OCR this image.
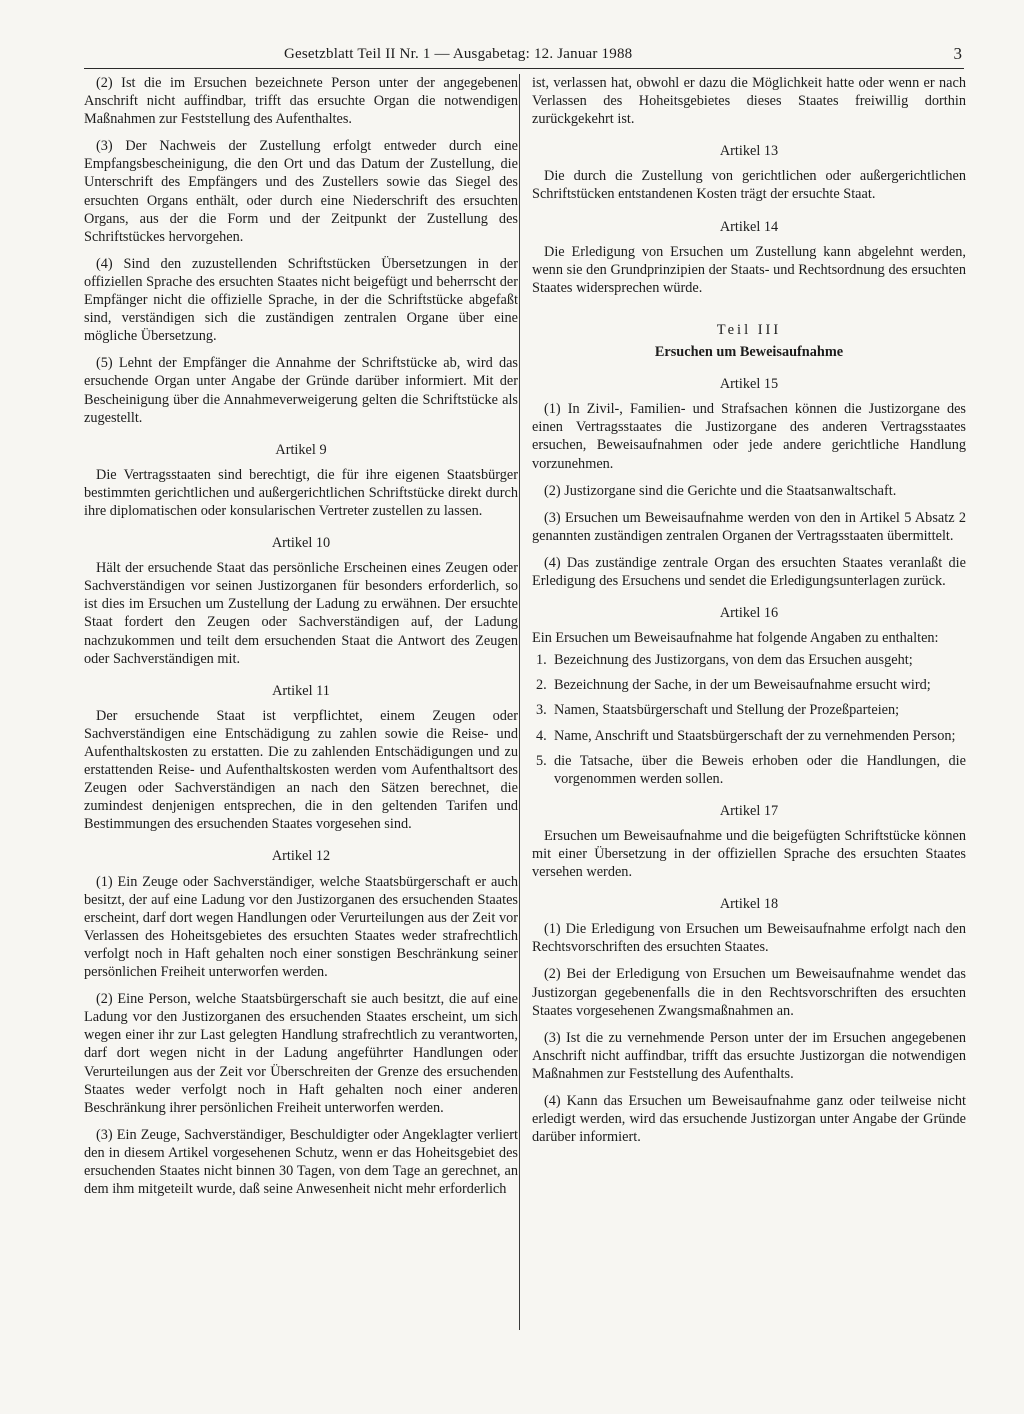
Gesetzblatt Teil II Nr. 1 — Ausgabetag: 12. Januar 1988	3

(2) Ist die im Ersuchen bezeichnete Person unter der angegebenen Anschrift nicht auffindbar, trifft das ersuchte Organ die notwendigen Maßnahmen zur Feststellung des Aufenthaltes.

(3) Der Nachweis der Zustellung erfolgt entweder durch eine Empfangsbescheinigung, die den Ort und das Datum der Zustellung, die Unterschrift des Empfängers und des Zustellers sowie das Siegel des ersuchten Organs enthält, oder durch eine Niederschrift des ersuchten Organs, aus der die Form und der Zeitpunkt der Zustellung des Schriftstückes hervorgehen.

(4) Sind den zuzustellenden Schriftstücken Übersetzungen in der offiziellen Sprache des ersuchten Staates nicht beigefügt und beherrscht der Empfänger nicht die offizielle Sprache, in der die Schriftstücke abgefaßt sind, verständigen sich die zuständigen zentralen Organe über eine mögliche Übersetzung.

(5) Lehnt der Empfänger die Annahme der Schriftstücke ab, wird das ersuchende Organ unter Angabe der Gründe darüber informiert. Mit der Bescheinigung über die Annahmeverweigerung gelten die Schriftstücke als zugestellt.

Artikel 9

Die Vertragsstaaten sind berechtigt, die für ihre eigenen Staatsbürger bestimmten gerichtlichen und außergerichtlichen Schriftstücke direkt durch ihre diplomatischen oder konsularischen Vertreter zustellen zu lassen.

Artikel 10

Hält der ersuchende Staat das persönliche Erscheinen eines Zeugen oder Sachverständigen vor seinen Justizorganen für besonders erforderlich, so ist dies im Ersuchen um Zustellung der Ladung zu erwähnen. Der ersuchte Staat fordert den Zeugen oder Sachverständigen auf, der Ladung nachzukommen und teilt dem ersuchenden Staat die Antwort des Zeugen oder Sachverständigen mit.

Artikel 11

Der ersuchende Staat ist verpflichtet, einem Zeugen oder Sachverständigen eine Entschädigung zu zahlen sowie die Reise- und Aufenthaltskosten zu erstatten. Die zu zahlenden Entschädigungen und zu erstattenden Reise- und Aufenthaltskosten werden vom Aufenthaltsort des Zeugen oder Sachverständigen an nach den Sätzen berechnet, die zumindest denjenigen entsprechen, die in den geltenden Tarifen und Bestimmungen des ersuchenden Staates vorgesehen sind.

Artikel 12

(1) Ein Zeuge oder Sachverständiger, welche Staatsbürgerschaft er auch besitzt, der auf eine Ladung vor den Justizorganen des ersuchenden Staates erscheint, darf dort wegen Handlungen oder Verurteilungen aus der Zeit vor Verlassen des Hoheitsgebietes des ersuchten Staates weder strafrechtlich verfolgt noch in Haft gehalten noch einer sonstigen Beschränkung seiner persönlichen Freiheit unterworfen werden.

(2) Eine Person, welche Staatsbürgerschaft sie auch besitzt, die auf eine Ladung vor den Justizorganen des ersuchenden Staates erscheint, um sich wegen einer ihr zur Last gelegten Handlung strafrechtlich zu verantworten, darf dort wegen nicht in der Ladung angeführter Handlungen oder Verurteilungen aus der Zeit vor Überschreiten der Grenze des ersuchenden Staates weder verfolgt noch in Haft gehalten noch einer anderen Beschränkung ihrer persönlichen Freiheit unterworfen werden.

(3) Ein Zeuge, Sachverständiger, Beschuldigter oder Angeklagter verliert den in diesem Artikel vorgesehenen Schutz, wenn er das Hoheitsgebiet des ersuchenden Staates nicht binnen 30 Tagen, von dem Tage an gerechnet, an dem ihm mitgeteilt wurde, daß seine Anwesenheit nicht mehr erforderlich

ist, verlassen hat, obwohl er dazu die Möglichkeit hatte oder wenn er nach Verlassen des Hoheitsgebietes dieses Staates freiwillig dorthin zurückgekehrt ist.

Artikel 13

Die durch die Zustellung von gerichtlichen oder außergerichtlichen Schriftstücken entstandenen Kosten trägt der ersuchte Staat.

Artikel 14

Die Erledigung von Ersuchen um Zustellung kann abgelehnt werden, wenn sie den Grundprinzipien der Staats- und Rechtsordnung des ersuchten Staates widersprechen würde.

Teil III
Ersuchen um Beweisaufnahme
Artikel 15

(1) In Zivil-, Familien- und Strafsachen können die Justizorgane des einen Vertragsstaates die Justizorgane des anderen Vertragsstaates ersuchen, Beweisaufnahmen oder jede andere gerichtliche Handlung vorzunehmen.

(2) Justizorgane sind die Gerichte und die Staatsanwaltschaft.

(3) Ersuchen um Beweisaufnahme werden von den in Artikel 5 Absatz 2 genannten zuständigen zentralen Organen der Vertragsstaaten übermittelt.

(4) Das zuständige zentrale Organ des ersuchten Staates veranlaßt die Erledigung des Ersuchens und sendet die Erledigungsunterlagen zurück.

Artikel 16

Ein Ersuchen um Beweisaufnahme hat folgende Angaben zu enthalten:

1. Bezeichnung des Justizorgans, von dem das Ersuchen ausgeht;
2. Bezeichnung der Sache, in der um Beweisaufnahme ersucht wird;
3. Namen, Staatsbürgerschaft und Stellung der Prozeßparteien;
4. Name, Anschrift und Staatsbürgerschaft der zu vernehmenden Person;
5. die Tatsache, über die Beweis erhoben oder die Handlungen, die vorgenommen werden sollen.
Artikel 17

Ersuchen um Beweisaufnahme und die beigefügten Schriftstücke können mit einer Übersetzung in der offiziellen Sprache des ersuchten Staates versehen werden.

Artikel 18

(1) Die Erledigung von Ersuchen um Beweisaufnahme erfolgt nach den Rechtsvorschriften des ersuchten Staates.

(2) Bei der Erledigung von Ersuchen um Beweisaufnahme wendet das Justizorgan gegebenenfalls die in den Rechtsvorschriften des ersuchten Staates vorgesehenen Zwangsmaßnahmen an.

(3) Ist die zu vernehmende Person unter der im Ersuchen angegebenen Anschrift nicht auffindbar, trifft das ersuchte Justizorgan die notwendigen Maßnahmen zur Feststellung des Aufenthalts.

(4) Kann das Ersuchen um Beweisaufnahme ganz oder teilweise nicht erledigt werden, wird das ersuchende Justizorgan unter Angabe der Gründe darüber informiert.
